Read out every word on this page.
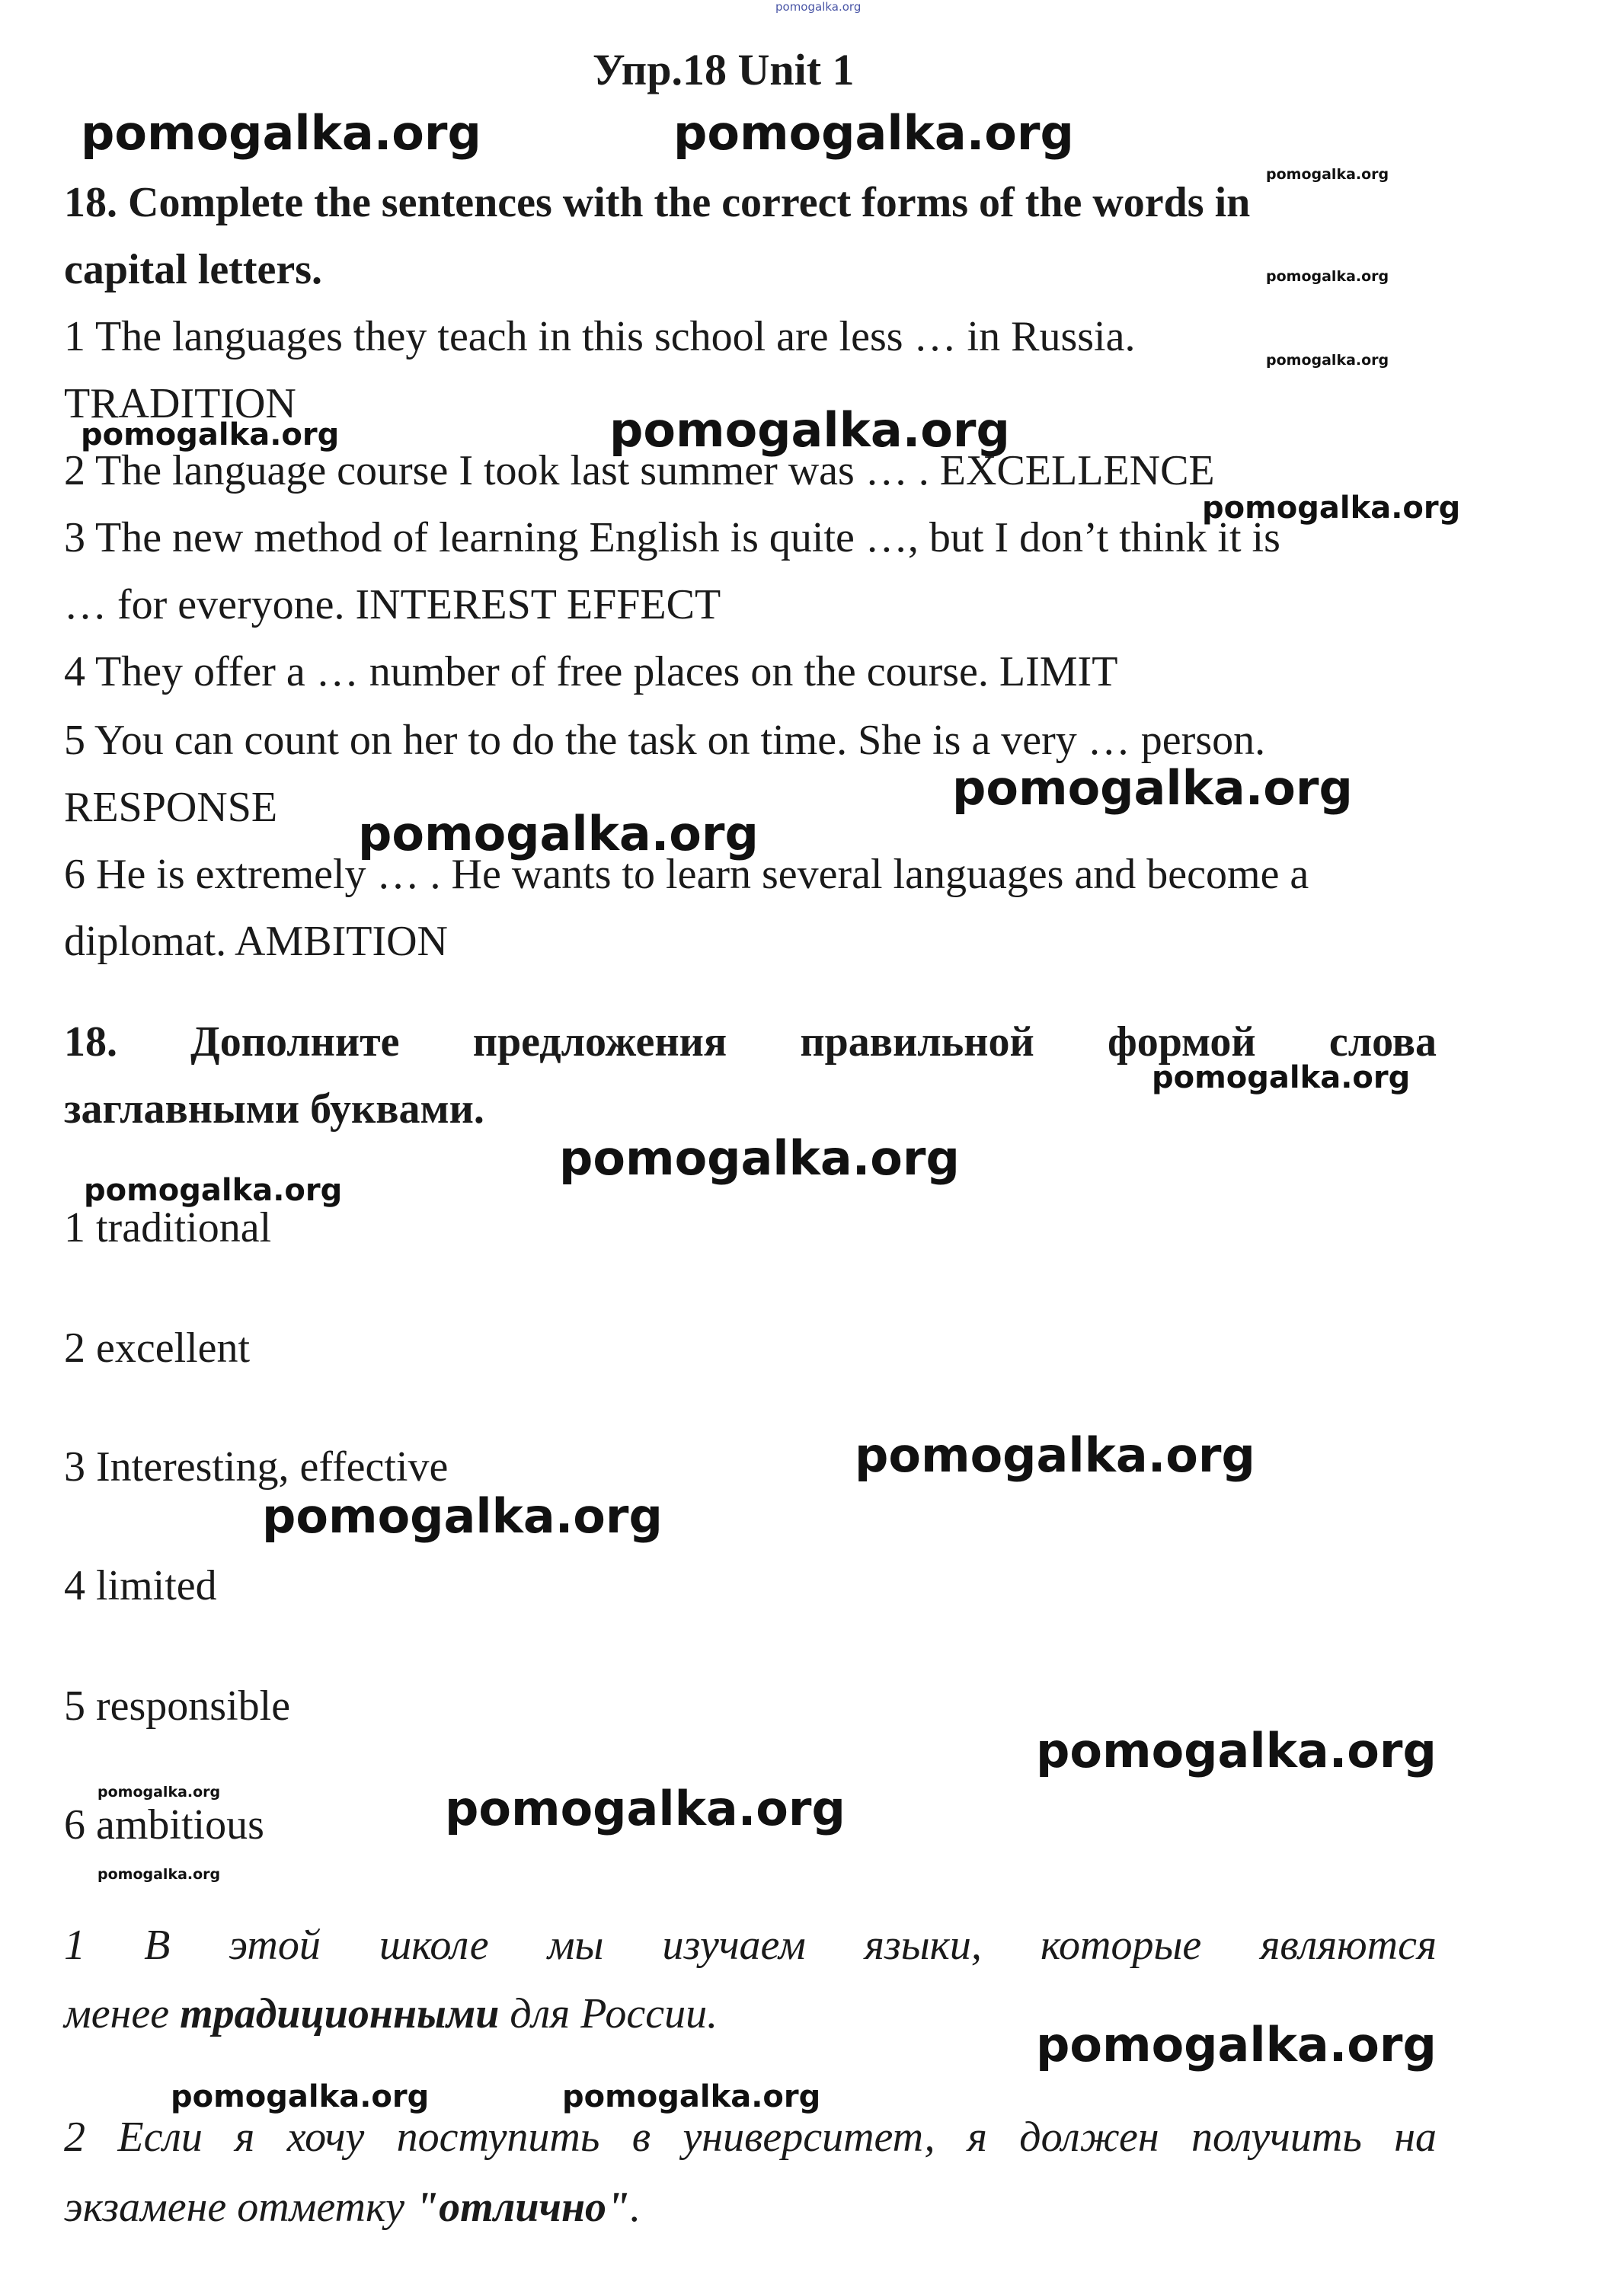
pomogalka.org
Упр.18 Unit 1
pomogalka.org	pomogalka.org
pomogalka.org
18. Complete the sentences with the correct forms of the words in
capital letters.	pomogalka.org
1 The languages they teach in this school are less … in Russia.	pomogalka.org
TRADITION
pomogalka.org	pomogalka.org
2 The language course I took last summer was … . EXCELLENCE
pomogalka.org
3 The new method of learning English is quite …, but I don’t think it is
… for everyone. INTEREST EFFECT
4 They offer a … number of free places on the course. LIMIT
5 You can count on her to do the task on time. She is a very … person.
pomogalka.org
RESPONSE pomogalka.org
6 He is extremely … . He wants to learn several languages and become a
diplomat. AMBITION
18. Дополните предложения правильной формой слова
pomogalka.org
заглавными буквами.
pomogalka.org
pomogalka.org
1 traditional
2 excellent
pomogalka.org
3 Interesting, effective
pomogalka.org
4 limited
5 responsible
pomogalka.org
pomogalka.org	pomogalka.org
6 ambitious
pomogalka.org
1 В этой школе мы изучаем языки, которые являются
менее традиционными для России.
pomogalka.org
pomogalka.org	pomogalka.org
2 Если я хочу поступить в университет, я должен получить на
экзамене отметку "отлично".
